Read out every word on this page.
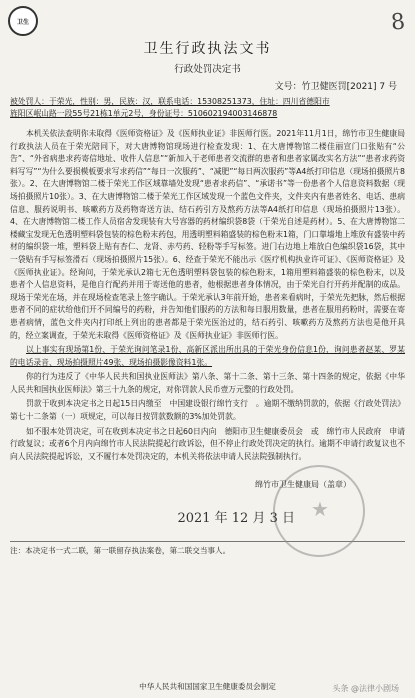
卫生	8
卫生行政执法文书
行政处罚决定书
文号：竹卫健医罚[2021] 7 号
被处罚人：于荣光，性别：男，民族：汉，联系电话：15308251373，住址：四川省德阳市
旌阳区岷山路一段55号21栋1单元2号，身份证号：510602194003146878

本机关依法查明你未取得《医师资格证》及《医师执业证》非医师行医。2021年11月1日，绵竹市卫生健康局行政执法人员在于荣光陪同下，对大唐博物馆现场进行检查发现：1、在大唐博物馆二楼佳丽宣门口张贴有“公告”、“外省病患求药寄信地址、收件人信息”“新加入于老师患者交流群的患者和患者家属改实名方法”“患者求药资料写写”“为什么要损模板要求写求药信”“每日一次服药”、“减肥”“每日两次服药”等A4纸打印信息（现场拍摄照片8张）。2、在大唐博物馆二楼于荣光工作区域靠墙处发现“患者求药信”、“承诺书”等一份患者个人信息资料数据（现场拍摄照片10张）。3、在大唐博物馆二楼于荣光工作区域发现一个蓝色文件夹，文件夹内有患者姓名、电话、患病信息、服药说明书、咳嗽药方及药物寄送方法、结石药引方及熬药方法等A4纸打印信息（现场拍摄照片13张）。4、在大唐博物馆二楼工作人员宿舍发现装有大号容器的药材编织袋8袋（于荣光自述是药材）。5、在大唐博物馆二楼藏宝发现无色透明塑料袋包装的棕色粉末药包，用透明塑料箱盛装的棕色粉末1箱，门口靠墙地上堆放有盛装中药材的编织袋一堆，塑料袋上贴有杏仁、龙肾、赤芍药、轻粉等手写标签。进门右边地上堆放白色编织袋16袋，其中一袋贴有手写标签滑石（现场拍摄照片15张）。6、经查于荣光不能出示《医疗机构执业许可证》、《医师资格证》及《医师执业证》。经询问，于荣光承认2箱七无色透明塑料袋包装的棕色粉末，1箱用塑料箱盛装的棕色粉末，以及患者个人信息资料，是他自行配药并用于寄送他的患者，他根据患者身体情况，由于荣光自行开药并配制的成品。现场于荣光在场，并在现场检查笔录上签字确认。于荣光承认3年前开始，患者来看病时，于荣光先把脉，然后根据患者不同的症状给他们开不同编号的药粉，并告知他们服药的方法和每日服用数量，患者在服用药粉时，需要在寄患者病情，蓝色文件夹内打印纸上列出的患者都是于荣光医治过的，结石药引、咳嗽药方及熬药方法也是他开具的，经立案调查，于荣光未取得《医师资格证》及《医师执业证》非医师行医。

以上事实有现场第1份、于荣光询问笔录1份、高新区派出所出具的于荣光身份信息1份，询问患者赵某、罗某的电话录音、现场拍摄照片49张、现场拍摄影像资料1张。

你的行为违反了《中华人民共和国执业医师法》第八条、第十二条、第十三条、第十四条的规定，依据《中华人民共和国执业医师法》第三十九条的规定，对你罚款人民币壹万元整的行政处罚。

罚款于收到本决定书之日起15日内缴至　中国建设银行绵竹支行　。逾期不缴纳罚款的，依据《行政处罚法》第七十二条第（一）项规定，可以每日按罚款数额的3%加处罚款。

如不服本处罚决定，可在收到本决定书之日起60日内向　德阳市卫生健康委员会　或　绵竹市人民政府　申请行政复议；或者6个月内向绵竹市人民法院提起行政诉讼，但不停止行政处罚决定的执行。逾期不申请行政复议也不向人民法院提起诉讼，又不履行本处罚决定的，本机关将依法申请人民法院强制执行。

★
绵竹市卫生健康局（盖章）
2021 年 12 月 3 日
注：本决定书一式二联，第一联留存执法案卷，第二联交当事人。
中华人民共和国国家卫生健康委员会制定	头条 @法律小剧场
